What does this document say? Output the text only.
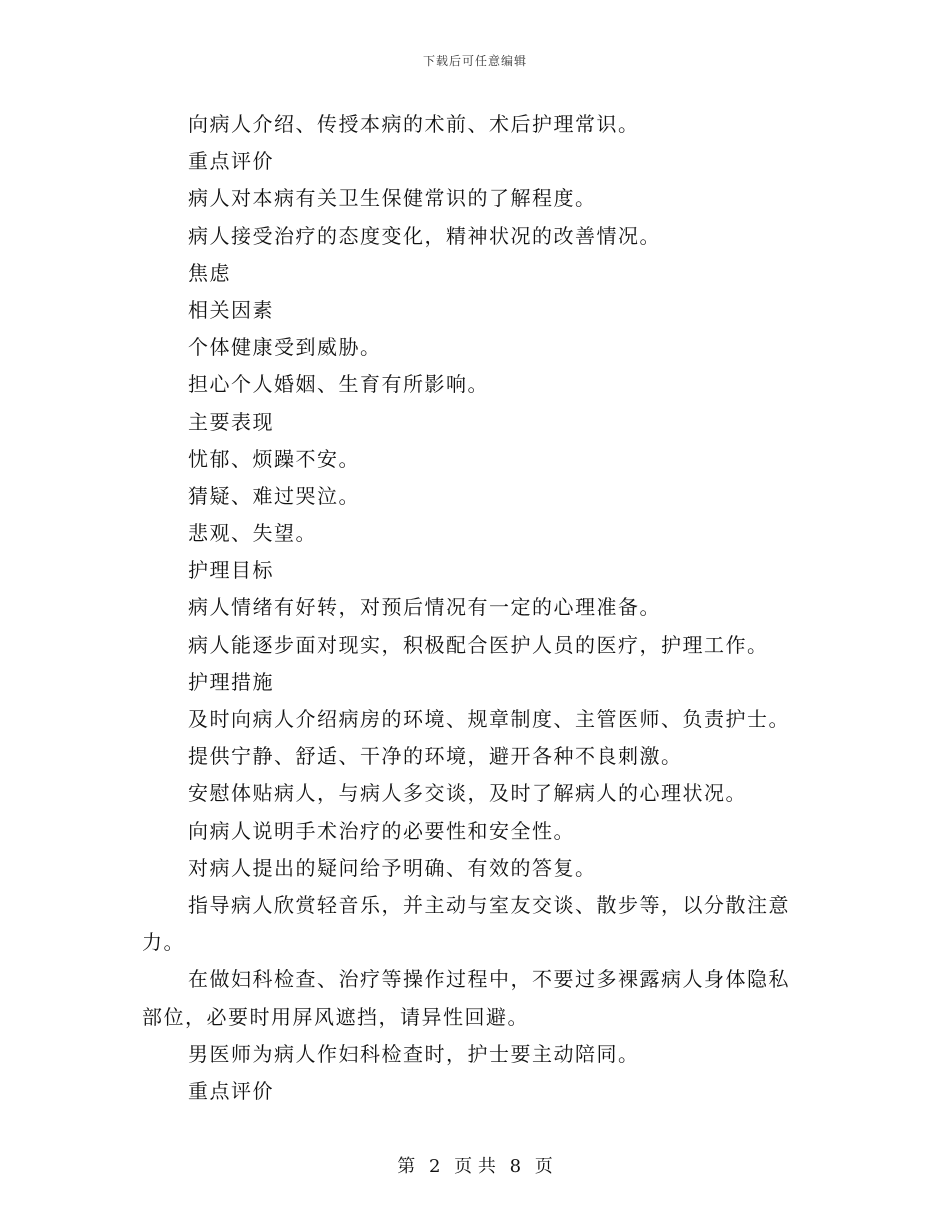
下载后可任意编辑
向病人介绍、传授本病的术前、术后护理常识。
重点评价
病人对本病有关卫生保健常识的了解程度。
病人接受治疗的态度变化，精神状况的改善情况。
焦虑
相关因素
个体健康受到威胁。
担心个人婚姻、生育有所影响。
主要表现
忧郁、烦躁不安。
猜疑、难过哭泣。
悲观、失望。
护理目标
病人情绪有好转，对预后情况有一定的心理准备。
病人能逐步面对现实，积极配合医护人员的医疗，护理工作。
护理措施
及时向病人介绍病房的环境、规章制度、主管医师、负责护士。
提供宁静、舒适、干净的环境，避开各种不良刺激。
安慰体贴病人，与病人多交谈，及时了解病人的心理状况。
向病人说明手术治疗的必要性和安全性。
对病人提出的疑问给予明确、有效的答复。
指导病人欣赏轻音乐，并主动与室友交谈、散步等，以分散注意
力。
在做妇科检查、治疗等操作过程中，不要过多裸露病人身体隐私
部位，必要时用屏风遮挡，请异性回避。
男医师为病人作妇科检查时，护士要主动陪同。
重点评价
第 2 页 共 8 页
